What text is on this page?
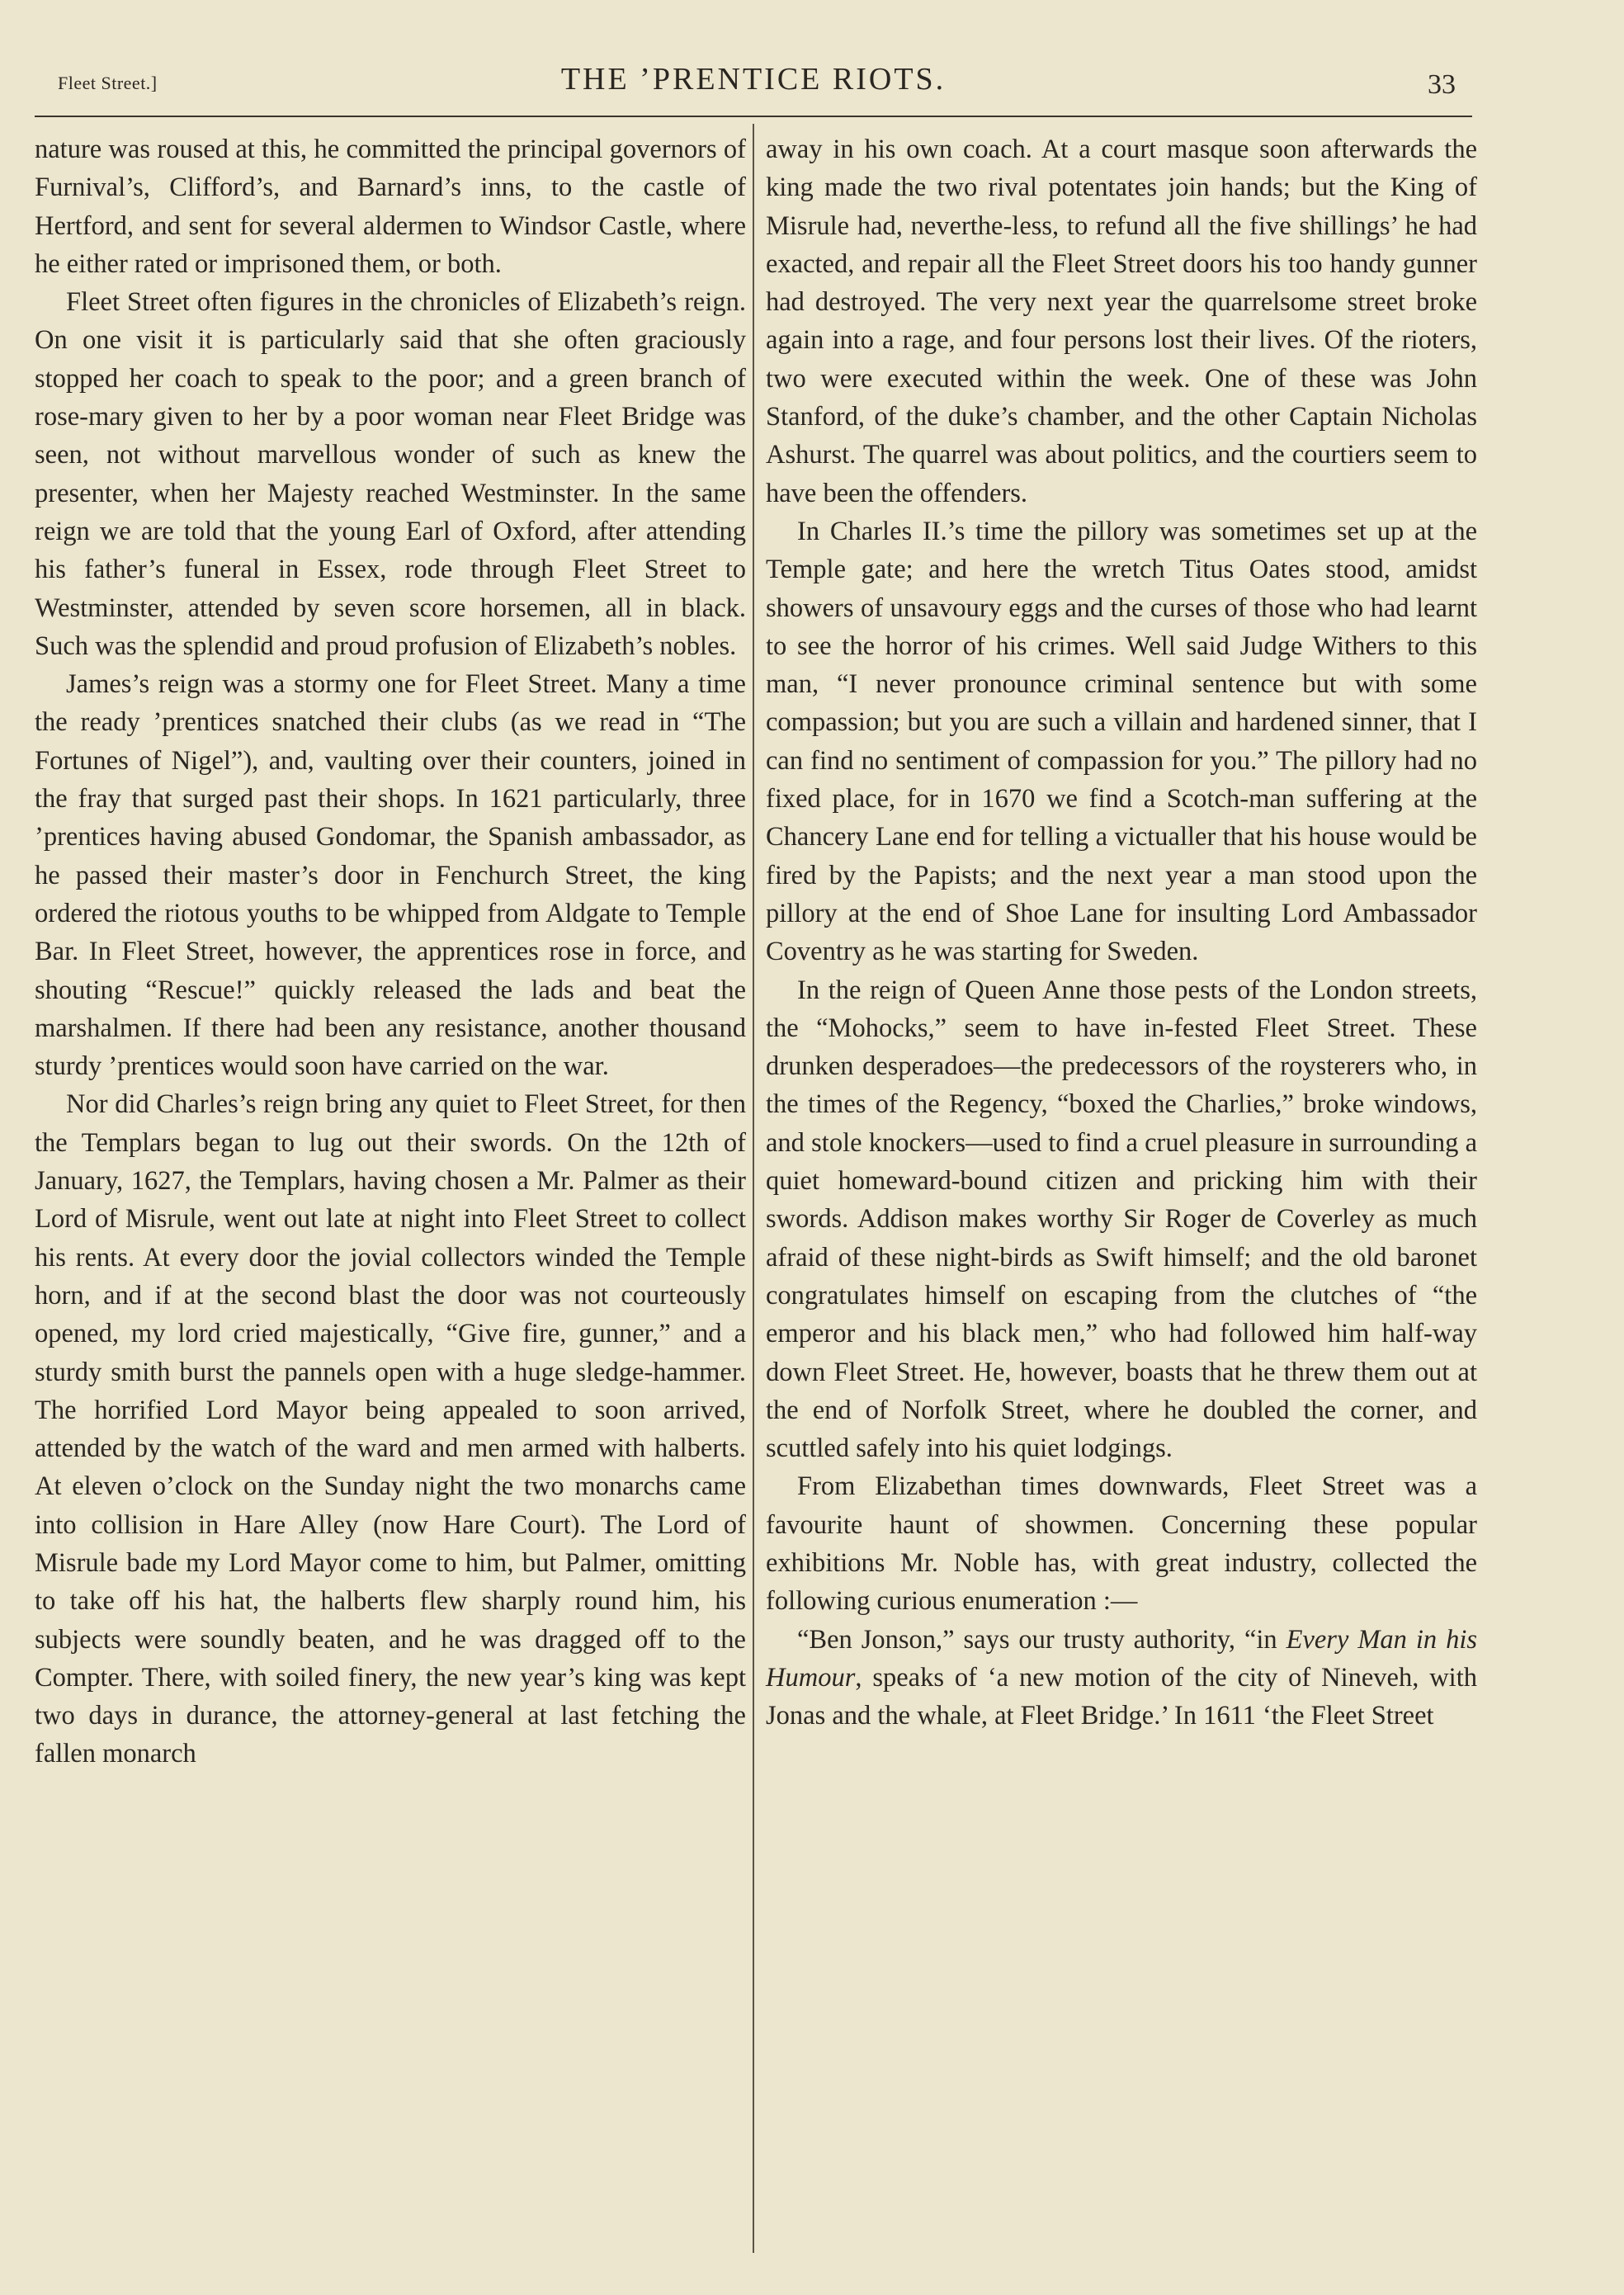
Fleet Street.]	THE ’PRENTICE RIOTS.	33

nature was roused at this, he committed the principal governors of Furnival’s, Clifford’s, and Barnard’s inns, to the castle of Hertford, and sent for several aldermen to Windsor Castle, where he either rated or imprisoned them, or both.

Fleet Street often figures in the chronicles of Elizabeth’s reign. On one visit it is particularly said that she often graciously stopped her coach to speak to the poor; and a green branch of rose-mary given to her by a poor woman near Fleet Bridge was seen, not without marvellous wonder of such as knew the presenter, when her Majesty reached Westminster. In the same reign we are told that the young Earl of Oxford, after attending his father’s funeral in Essex, rode through Fleet Street to Westminster, attended by seven score horsemen, all in black. Such was the splendid and proud profusion of Elizabeth’s nobles.

James’s reign was a stormy one for Fleet Street. Many a time the ready ’prentices snatched their clubs (as we read in “The Fortunes of Nigel”), and, vaulting over their counters, joined in the fray that surged past their shops. In 1621 particularly, three ’prentices having abused Gondomar, the Spanish ambassador, as he passed their master’s door in Fenchurch Street, the king ordered the riotous youths to be whipped from Aldgate to Temple Bar. In Fleet Street, however, the apprentices rose in force, and shouting “Rescue!” quickly released the lads and beat the marshalmen. If there had been any resistance, another thousand sturdy ’prentices would soon have carried on the war.

Nor did Charles’s reign bring any quiet to Fleet Street, for then the Templars began to lug out their swords. On the 12th of January, 1627, the Templars, having chosen a Mr. Palmer as their Lord of Misrule, went out late at night into Fleet Street to collect his rents. At every door the jovial collectors winded the Temple horn, and if at the second blast the door was not courteously opened, my lord cried majestically, “Give fire, gunner,” and a sturdy smith burst the pannels open with a huge sledge-hammer. The horrified Lord Mayor being appealed to soon arrived, attended by the watch of the ward and men armed with halberts. At eleven o’clock on the Sunday night the two monarchs came into collision in Hare Alley (now Hare Court). The Lord of Misrule bade my Lord Mayor come to him, but Palmer, omitting to take off his hat, the halberts flew sharply round him, his subjects were soundly beaten, and he was dragged off to the Compter. There, with soiled finery, the new year’s king was kept two days in durance, the attorney-general at last fetching the fallen monarch

away in his own coach. At a court masque soon afterwards the king made the two rival potentates join hands; but the King of Misrule had, neverthe-less, to refund all the five shillings’ he had exacted, and repair all the Fleet Street doors his too handy gunner had destroyed. The very next year the quarrelsome street broke again into a rage, and four persons lost their lives. Of the rioters, two were executed within the week. One of these was John Stanford, of the duke’s chamber, and the other Captain Nicholas Ashurst. The quarrel was about politics, and the courtiers seem to have been the offenders.

In Charles II.’s time the pillory was sometimes set up at the Temple gate; and here the wretch Titus Oates stood, amidst showers of unsavoury eggs and the curses of those who had learnt to see the horror of his crimes. Well said Judge Withers to this man, “I never pronounce criminal sentence but with some compassion; but you are such a villain and hardened sinner, that I can find no sentiment of compassion for you.” The pillory had no fixed place, for in 1670 we find a Scotch-man suffering at the Chancery Lane end for telling a victualler that his house would be fired by the Papists; and the next year a man stood upon the pillory at the end of Shoe Lane for insulting Lord Ambassador Coventry as he was starting for Sweden.

In the reign of Queen Anne those pests of the London streets, the “Mohocks,” seem to have in-fested Fleet Street. These drunken desperadoes—the predecessors of the roysterers who, in the times of the Regency, “boxed the Charlies,” broke windows, and stole knockers—used to find a cruel pleasure in surrounding a quiet homeward-bound citizen and pricking him with their swords. Addison makes worthy Sir Roger de Coverley as much afraid of these night-birds as Swift himself; and the old baronet congratulates himself on escaping from the clutches of “the emperor and his black men,” who had followed him half-way down Fleet Street. He, however, boasts that he threw them out at the end of Norfolk Street, where he doubled the corner, and scuttled safely into his quiet lodgings.

From Elizabethan times downwards, Fleet Street was a favourite haunt of showmen. Concerning these popular exhibitions Mr. Noble has, with great industry, collected the following curious enumeration :—

“Ben Jonson,” says our trusty authority, “in Every Man in his Humour, speaks of ‘a new motion of the city of Nineveh, with Jonas and the whale, at Fleet Bridge.’ In 1611 ‘the Fleet Street
